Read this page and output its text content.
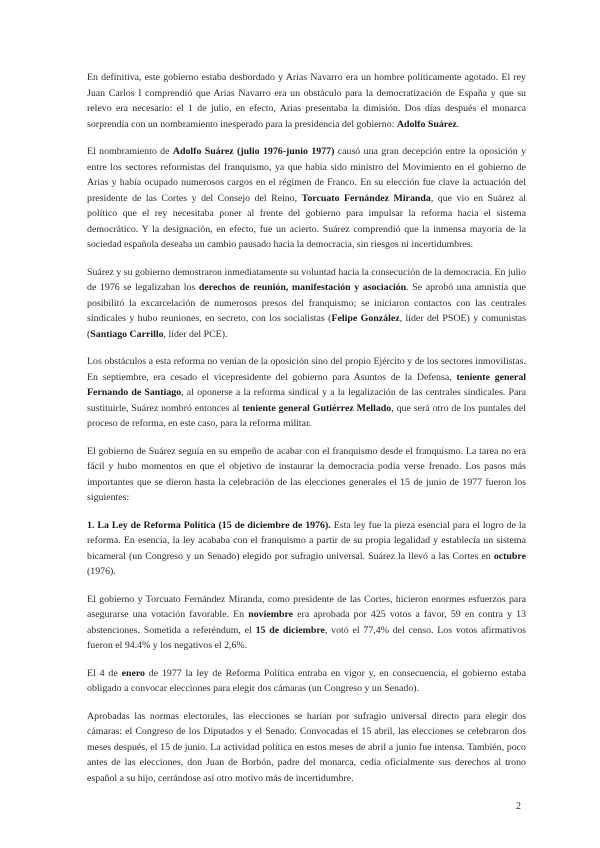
En definitiva, este gobierno estaba desbordado y Arias Navarro era un hombre políticamente agotado. El rey Juan Carlos I comprendió que Arias Navarro era un obstáculo para la democratización de España y que su relevo era necesario: el 1 de julio, en efecto, Arias presentaba la dimisión. Dos días después el monarca sorprendía con un nombramiento inesperado para la presidencia del gobierno: Adolfo Suárez.

El nombramiento de Adolfo Suárez (julio 1976-junio 1977) causó una gran decepción entre la oposición y entre los sectores reformistas del franquismo, ya que había sido ministro del Movimiento en el gobierno de Arias y había ocupado numerosos cargos en el régimen de Franco. En su elección fue clave la actuación del presidente de las Cortes y del Consejo del Reino, Torcuato Fernández Miranda, que vio en Suárez al político que el rey necesitaba poner al frente del gobierno para impulsar la reforma hacia el sistema democrático. Y la designación, en efecto, fue un acierto. Suárez comprendió que la inmensa mayoría de la sociedad española deseaba un cambio pausado hacia la democracia, sin riesgos ni incertidumbres.

Suárez y su gobierno demostraron inmediatamente su voluntad hacia la consecución de la democracia. En julio de 1976 se legalizaban los derechos de reunión, manifestación y asociación. Se aprobó una amnistía que posibilitó la excarcelación de numerosos presos del franquismo; se iniciaron contactos con las centrales sindicales y hubo reuniones, en secreto, con los socialistas (Felipe González, líder del PSOE) y comunistas (Santiago Carrillo, líder del PCE).

Los obstáculos a esta reforma no venían de la oposición sino del propio Ejército y de los sectores inmovilistas. En septiembre, era cesado el vicepresidente del gobierno para Asuntos de la Defensa, teniente general Fernando de Santiago, al oponerse a la reforma sindical y a la legalización de las centrales sindicales. Para sustituirle, Suárez nombró entonces al teniente general Gutiérrez Mellado, que será otro de los puntales del proceso de reforma, en este caso, para la reforma militar.

El gobierno de Suárez seguía en su empeño de acabar con el franquismo desde el franquismo. La tarea no era fácil y hubo momentos en que el objetivo de instaurar la democracia podía verse frenado. Los pasos más importantes que se dieron hasta la celebración de las elecciones generales el 15 de junio de 1977 fueron los siguientes:

1. La Ley de Reforma Política (15 de diciembre de 1976). Esta ley fue la pieza esencial para el logro de la reforma. En esencia, la ley acababa con el franquismo a partir de su propia legalidad y establecía un sistema bicameral (un Congreso y un Senado) elegido por sufragio universal. Suárez la llevó a las Cortes en octubre (1976).

El gobierno y Torcuato Fernández Miranda, como presidente de las Cortes, hicieron enormes esfuerzos para asegurarse una votación favorable. En noviembre era aprobada por 425 votos a favor, 59 en contra y 13 abstenciones. Sometida a referéndum, el 15 de diciembre, votó el 77,4% del censo. Los votos afirmativos fueron el 94.4% y los negativos el 2,6%.

El 4 de enero de 1977 la ley de Reforma Política entraba en vigor y, en consecuencia, el gobierno estaba obligado a convocar elecciones para elegir dos cámaras (un Congreso y un Senado).

Aprobadas las normas electorales, las elecciones se harían por sufragio universal directo para elegir dos cámaras: el Congreso de los Diputados y el Senado. Convocadas el 15 abril, las elecciones se celebraron dos meses después, el 15 de junio. La actividad política en estos meses de abril a junio fue intensa. También, poco antes de las elecciones, don Juan de Borbón, padre del monarca, cedía oficialmente sus derechos al trono español a su hijo, cerrándose así otro motivo más de incertidumbre.

2
